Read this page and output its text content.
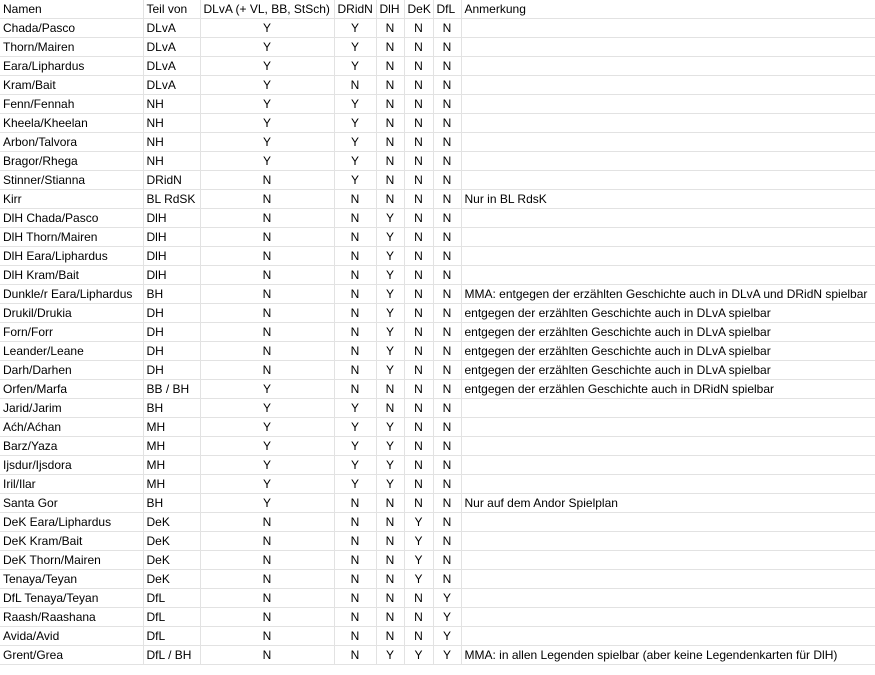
Namen	Teil von	DLvA (+ VL, BB, StSch)	DRidN	DlH	DeK	DfL	Anmerkung
Chada/Pasco	DLvA	Y	Y	N	N	N	
Thorn/Mairen	DLvA	Y	Y	N	N	N	
Eara/Liphardus	DLvA	Y	Y	N	N	N	
Kram/Bait	DLvA	Y	N	N	N	N	
Fenn/Fennah	NH	Y	Y	N	N	N	
Kheela/Kheelan	NH	Y	Y	N	N	N	
Arbon/Talvora	NH	Y	Y	N	N	N	
Bragor/Rhega	NH	Y	Y	N	N	N	
Stinner/Stianna	DRidN	N	Y	N	N	N	
Kirr	BL RdSK	N	N	N	N	N	Nur in BL RdsK
DlH Chada/Pasco	DlH	N	N	Y	N	N	
DlH Thorn/Mairen	DlH	N	N	Y	N	N	
DlH Eara/Liphardus	DlH	N	N	Y	N	N	
DlH Kram/Bait	DlH	N	N	Y	N	N	
Dunkle/r Eara/Liphardus	BH	N	N	Y	N	N	MMA: entgegen der erzählten Geschichte auch in DLvA und DRidN spielbar
Drukil/Drukia	DH	N	N	Y	N	N	entgegen der erzählten Geschichte auch in DLvA spielbar
Forn/Forr	DH	N	N	Y	N	N	entgegen der erzählten Geschichte auch in DLvA spielbar
Leander/Leane	DH	N	N	Y	N	N	entgegen der erzählten Geschichte auch in DLvA spielbar
Darh/Darhen	DH	N	N	Y	N	N	entgegen der erzählten Geschichte auch in DLvA spielbar
Orfen/Marfa	BB / BH	Y	N	N	N	N	entgegen der erzählen Geschichte auch in DRidN spielbar
Jarid/Jarim	BH	Y	Y	N	N	N	
Aćh/Aćhan	MH	Y	Y	Y	N	N	
Barz/Yaza	MH	Y	Y	Y	N	N	
Ijsdur/Ijsdora	MH	Y	Y	Y	N	N	
Iril/Ilar	MH	Y	Y	Y	N	N	
Santa Gor	BH	Y	N	N	N	N	Nur auf dem Andor Spielplan
DeK Eara/Liphardus	DeK	N	N	N	Y	N	
DeK Kram/Bait	DeK	N	N	N	Y	N	
DeK Thorn/Mairen	DeK	N	N	N	Y	N	
Tenaya/Teyan	DeK	N	N	N	Y	N	
DfL Tenaya/Teyan	DfL	N	N	N	N	Y	
Raash/Raashana	DfL	N	N	N	N	Y	
Avida/Avid	DfL	N	N	N	N	Y	
Grent/Grea	DfL / BH	N	N	Y	Y	Y	MMA: in allen Legenden spielbar (aber keine Legendenkarten für DlH)
